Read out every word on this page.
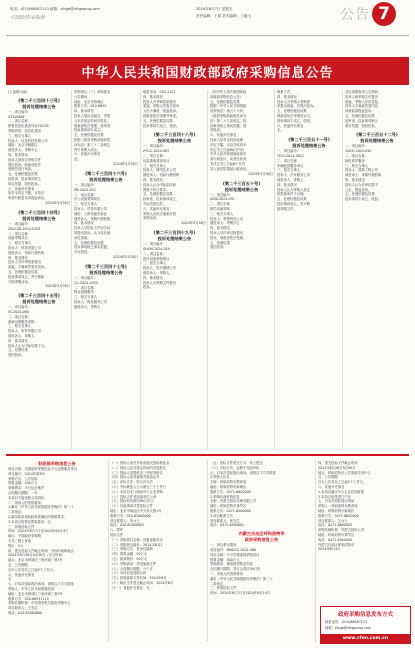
电话：(010)68587113 邮箱：zfcgb@zfcgwang.com
中国政府采购报
2024年6月7日 星期五
责任编辑：王倩 美术编辑：王晓玉	公告 7
中华人民共和国财政部政府采购信息公告
(上接第六版)
(第二千三百四十三号)
投诉处理结果公告
一、项目编号：
XY200601
二、项目名称：
教育信息化建设项目2023年
采购内容：信息化建设
三、相关当事人
投诉人：信息科技有限公司
地址：北京市朝阳区
被投诉人：采购中心
四、基本情况
投诉人就项目采购文件
提出投诉，财政部依法
受理并进行审查。
五、处理依据及结果
经审查，投诉事项缺乏
事实依据，驳回投诉。
六、其他补充事宜
如对本决定不服，可依法
申请行政复议或提起诉讼。
2024年5月30日
(第二千三百四十四号)
投诉处理结果公告
一、项目编号：
ZXLY-ZB-2024-0103
二、项目名称：
设备采购项目
三、相关当事人
投诉人：科技发展公司
被投诉人：招标代理机构
四、基本情况
投诉人对评审结果提出
质疑，不满意答复后投诉。
五、处理依据及结果
投诉事项成立，责令重新
开展采购活动。
2024年5月30日
(第二千三百四十五号)
投诉处理结果公告
一、项目编号：
GC2024-060
二、项目名称：
系统运维服务采购
三、相关当事人
投诉人：软件有限公司
被投诉人：采购人
四、基本情况
投诉人认为中标结果不当。
五、处理结果
驳回投诉。
采购项目（三）采购需求
公告期间
地址：北京市西城区
联系方式：010-6855
四、基本情况
投诉人提出质疑后，采购
人未在规定时间内答复。
财政部依法受理，经审查
投诉事项部分成立。
五、处理依据及结果
依据《政府采购质疑和投
诉办法》第三十二条规定
责令采购人改正。
六、其他补充事宜
无。
2024年5月30日
(第二千三百四十六号)
投诉处理结果公告
一、项目编号：
ZB-2024-105
二、项目名称：
办公设备采购项目
三、相关当事人
投诉人：贸易有限公司
地址：上海市浦东新区
被投诉人：采购代理机构
四、基本情况
投诉人对招标文件评分标
准提出投诉，认为存在倾
向性条款。
五、处理依据及结果
投诉事项缺乏事实依据，
予以驳回。
2024年5月30日
(第二千三百四十七号)
投诉处理结果公告
一、项目编号：
CG-2024-0322
二、项目名称：
物业管理服务
三、相关当事人
投诉人：物业服务公司
被投诉人：采购人
联系电话：010-1123
四、基本情况
投诉人对采购结果提出
质疑，采购人答复后投诉
人仍不满意，提起投诉。
财政部依法受理并审查。
五、处理依据及结果
投诉事项不成立，驳回。
(第二千三百四十八号)
投诉处理结果公告
一、项目编号：
ZYGC-2024-067
二、项目名称：
信息系统建设项目
三、相关当事人
投诉人：网络技术公司
被投诉人：招标代理机构
四、基本情况
投诉人认为中标供应商
资格不符合要求。
五、处理依据及结果
经审查，投诉事项成立，
中标结果无效。
六、其他补充事宜
采购人应依法重新开展
采购活动。
2024年5月30日
(第二千三百四十九号)
投诉处理结果公告
一、项目编号：
SHXM-2024-019
二、项目名称：
医疗设备采购项目
三、相关当事人
投诉人：医疗器械公司
被投诉人：采购人
四、基本情况
投诉人对采购文件提出
投诉。
（即中华人民共和国财政
部政府采购信息公告）
五、处理依据及结果
根据《中华人民共和国政
府采购法》第五十六条、
《政府采购质疑和投诉办
法》第二十九条规定，投
诉事项缺乏事实依据，驳
回投诉。
六、其他补充事宜
投诉人如对本投诉处理
决定不服，可以在收到本
决定书之日起60日内向
中华人民共和国财政部申
请行政复议，或者在收到
本决定书之日起6个月内
向人民法院提起行政诉讼。
2024年5月30日
(第二千三百五十号)
投诉处理结果公告
一、项目编号：
JXZB-2024-031
二、项目名称：
教学设备采购
三、相关当事人
投诉人：教育科技公司
被投诉人：采购中心
四、基本情况
投诉人对评审过程提出
投诉，财政部依法受理。
五、处理结果
驳回投诉。
联系方式：
四、基本情况
投诉人对采购人采购需
求提出质疑，后提出投诉。
五、处理依据及结果
财政部依法审查后认为，
投诉事项不成立，驳回。
六、其他补充事宜
无。
(第二千三百五十一号)
投诉处理结果公告
一、项目编号：
TJCG-2024-0022
二、项目名称：
车辆租赁服务项目
三、相关当事人
投诉人：汽车服务公司
被投诉人：采购人
四、基本情况
投诉人认为采购人设定
的资格条件不合理。
五、处理依据及结果
投诉事项成立，责令修
改采购文件。
项目采购需求公告期间
投诉人就采购文件提出
质疑，采购人作出答复。
投诉人不满意答复内容，
向财政部提起投诉。
五、处理依据及结果
经审查，投诉事项缺乏
事实依据，驳回投诉。
(第二千三百五十二号)
投诉处理结果公告
一、项目编号：
GXCG-2024-050
二、项目名称：
绿化养护服务
三、相关当事人
投诉人：园林工程公司
被投诉人：采购代理机构
四、基本情况
投诉人认为评审结果不
公正，提起投诉。
五、处理依据及结果
投诉事项不成立，驳回。
财政部采购信息公告
项目名称：全国政府采购信息平台运维服务项目
项目编号：2024年第8号
采购方式：公开招标
预算金额：100万元
采购需求：平台运行维护
合同履行期限：一年
本项目不接受联合体投标
二、申请人的资格要求：
1.满足《中华人民共和国政府采购法》第二十
二条规定；
2.落实政府采购政策需满足的资格要求：
3.本项目的特定资格要求：无
三、获取招标文件
时间：2024年6月7日至2024年6月14日
地点：中国政府采购网
方式：网上获取
售价：0元
四、提交投标文件截止时间、开标时间和地点
2024年6月28日9点30分（北京时间）
地点：北京市西城区三里河南三巷3号
五、公告期限
自本公告发布之日起5个工作日。
六、其他补充事宜
无
七、对本次招标提出询问，请按以下方式联系
采购人：中华人民共和国财政部
地址：北京市西城区三里河南三巷3号
联系方式：010-68551114
采购代理机构：中央国家机关政府采购中心
项目联系人：王先生
电话：010-83084800
（一）投标人须在开标前递交投标保证金
（二）投标人应在规定时间内完成报名
（三）投标人须提供近三年财务报告
（四）投标人须具备相关资质证书
（五）评标方法：综合评分法
（六）中标候选人公示期为三个工作日
（七）本项目专门面向中小企业采购
（八）投标文件须加盖单位公章
（九）投标有效期为90日历天
（十）其他事项详见招标文件
地址：北京市海淀区中关村大街1号
联系方式：010-82000000
项目联系人：李女士
电话：010-82000001
八、附件
招标文件
（一）采购项目名称：设备更新项目
（二）采购项目编号：2024-SB-01
（三）采购方式：竞争性磋商
（四）预算金额：50万元
（五）最高限价：50万元
（六）采购需求：详见磋商文件
（七）合同履行期限：六个月
（八）本项目接受联合体
（九）获取磋商文件时间：2024年6月
（十）响应文件提交截止时间：2024年6月
（十一）其他补充事宜：无
（五）投标文件提交方式：线上提交
（六）开标方式：远程不见面开标
六、对本次招标提出询问，请按以下方式联系
1.采购人信息
名称：呼和浩特市教育局
地址：呼和浩特市新城区
联系方式：0471-6600000
2.采购代理机构信息
名称：内蒙古招标代理有限公司
地址：呼和浩特市赛罕区
联系方式：0471-6500000
3.项目联系方式
项目联系人：张先生
电话：0471-6500001
内蒙古自治区呼和浩特市
政府采购信息公告
一、项目基本情况
项目编号：NMGZC-2024-066
项目名称：中小学课桌椅采购项目
预算金额：300万元
采购需求：课桌椅采购及安装
合同履行期限：签订合同后30日内
二、申请人的资格要求：
满足《中华人民共和国政府采购法》第二十
二条规定。
三、获取招标文件
时间：2024年6月7日至2024年6月14日
四、提交投标文件截止时间
2024年6月28日9点00分
地点：呼和浩特市公共资源交易中心
五、公告期限
自本公告发布之日起5个工作日。
六、其他补充事宜
1.本项目落实中小企业扶持政策
2.本项目接受进口产品
七、对本次招标提出询问
采购人：呼和浩特市教育局
地址：呼和浩特市新城区
联系方式：0471-6600000
项目联系人：王女士
电话：0471-6600002
采购代理机构：内蒙古招标公司
地址：呼和浩特市赛罕区
电话：0471-6500000
内蒙古自治区呼和浩特市
2024年6月4日
政府采购信息发布方式
联系电话：(010)68587113
邮箱：zfcgb@zfcgwang.com
www.cfen.com.cn
